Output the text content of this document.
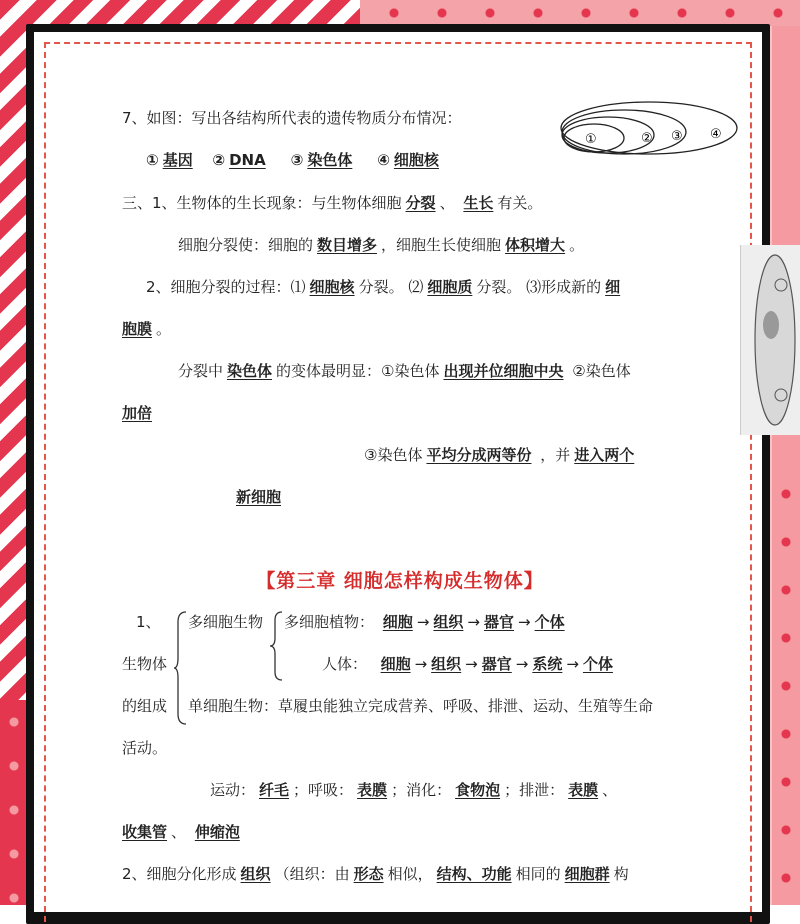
7、如图：写出各结构所代表的遗传物质分布情况：
①	② ③ ④
① 基因 ② DNA ③ 染色体 ④ 细胞核
三、1、生物体的生长现象：与生物体细胞 分裂 、 生长 有关。
细胞分裂使：细胞的 数目增多 ，细胞生长使细胞 体积增大 。
2、细胞分裂的过程：⑴ 细胞核 分裂。 ⑵ 细胞质 分裂。 ⑶形成新的 细
胞膜 。
分裂中 染色体 的变体最明显：①染色体 出现并位细胞中央 ②染色体
加倍
③染色体 平均分成两等份 ，并 进入两个
新细胞
【第三章 细胞怎样构成生物体】
1、
生物体
的组成
多细胞生物 多细胞植物： 细胞 → 组织 → 器官 → 个体
人体： 细胞 → 组织 → 器官 → 系统 → 个体
单细胞生物：草履虫能独立完成营养、呼吸、排泄、运动、生殖等生命
活动。
运动： 纤毛 ；呼吸： 表膜 ；消化： 食物泡 ；排泄： 表膜 、
收集管 、 伸缩泡
2、细胞分化形成 组织 （组织：由 形态 相似， 结构、功能 相同的 细胞群 构
